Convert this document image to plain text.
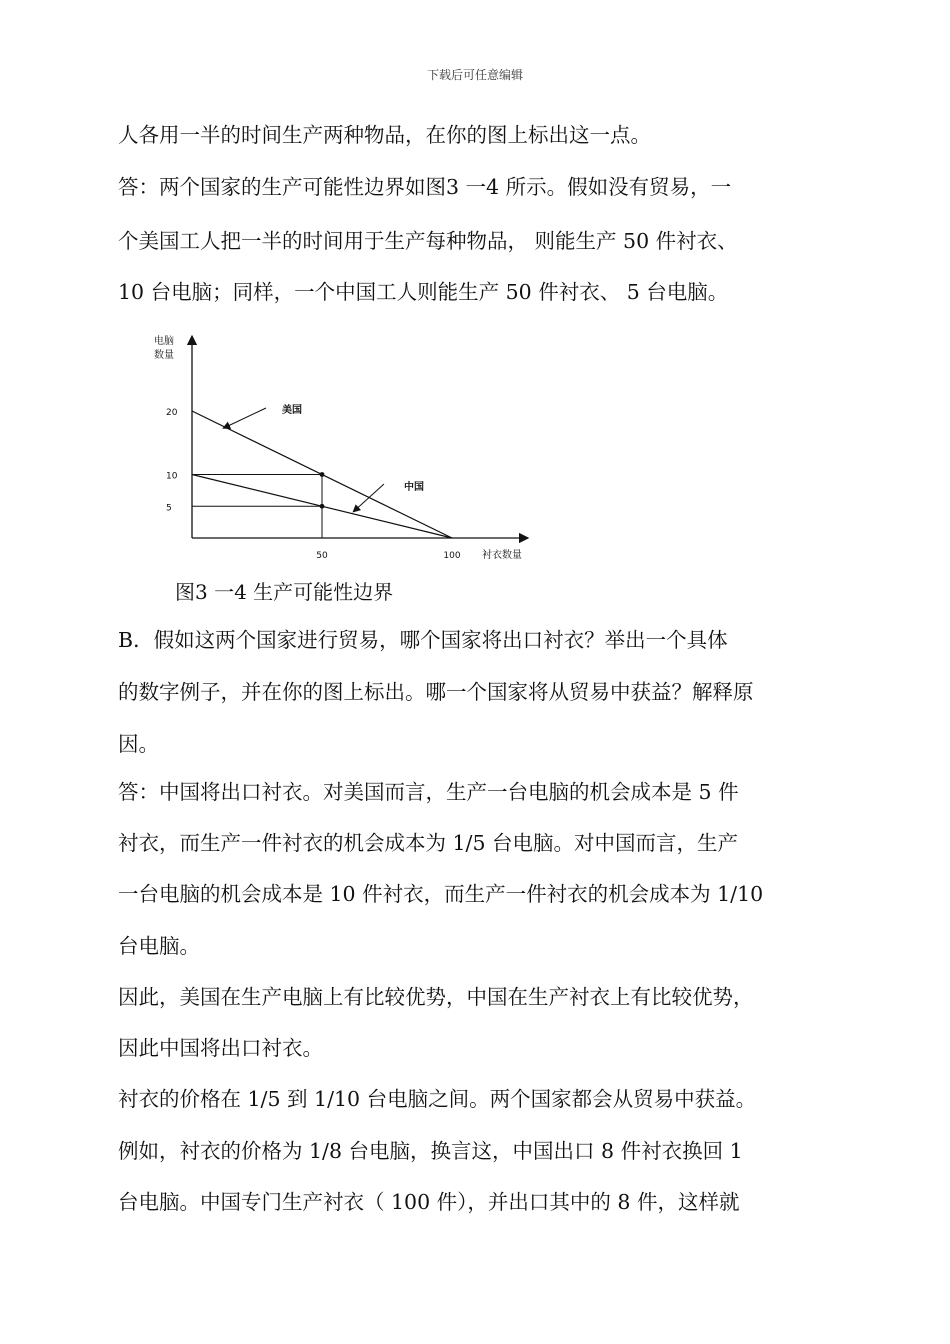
下载后可任意编辑
人各用一半的时间生产两种物品，在你的图上标出这一点。
答：两个国家的生产可能性边界如图3 一4 所示。假如没有贸易，一
个美国工人把一半的时间用于生产每种物品， 则能生产 50 件衬衣、
10 台电脑；同样，一个中国工人则能生产 50 件衬衣、 5 台电脑。
电脑
数量
衬衣数量
20
10
5
50	100
美国
中国
图3 一4 生产可能性边界
B．假如这两个国家进行贸易，哪个国家将出口衬衣？举出一个具体
的数字例子，并在你的图上标出。哪一个国家将从贸易中获益？解释原
因。
答：中国将出口衬衣。对美国而言，生产一台电脑的机会成本是 5 件
衬衣，而生产一件衬衣的机会成本为 1/5 台电脑。对中国而言，生产
一台电脑的机会成本是 10 件衬衣，而生产一件衬衣的机会成本为 1/10
台电脑。
因此，美国在生产电脑上有比较优势，中国在生产衬衣上有比较优势，
因此中国将出口衬衣。
衬衣的价格在 1/5 到 1/10 台电脑之间。两个国家都会从贸易中获益。
例如，衬衣的价格为 1/8 台电脑，换言这，中国出口 8 件衬衣换回 1
台电脑。中国专门生产衬衣（ 100 件），并出口其中的 8 件，这样就
